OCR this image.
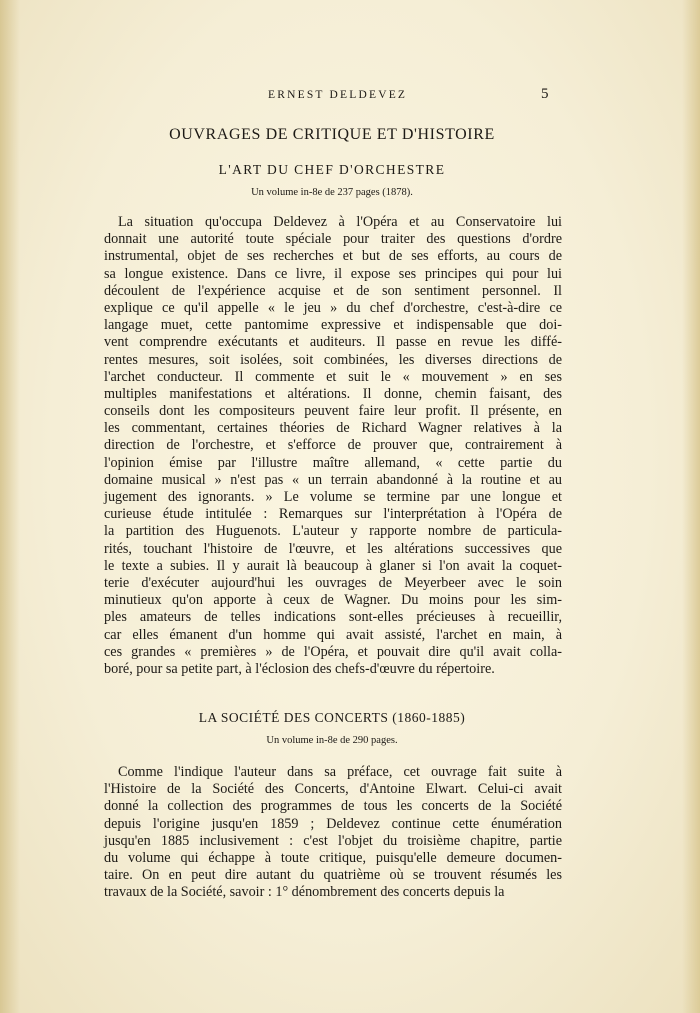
ERNEST DELDEVEZ	5
OUVRAGES DE CRITIQUE ET D'HISTOIRE
L'ART DU CHEF D'ORCHESTRE
Un volume in-8e de 237 pages (1878).
La situation qu'occupa Deldevez à l'Opéra et au Conservatoire lui
donnait une autorité toute spéciale pour traiter des questions d'ordre
instrumental, objet de ses recherches et but de ses efforts, au cours de
sa longue existence. Dans ce livre, il expose ses principes qui pour lui
découlent de l'expérience acquise et de son sentiment personnel. Il
explique ce qu'il appelle « le jeu » du chef d'orchestre, c'est-à-dire ce
langage muet, cette pantomime expressive et indispensable que doi-
vent comprendre exécutants et auditeurs. Il passe en revue les diffé-
rentes mesures, soit isolées, soit combinées, les diverses directions de
l'archet conducteur. Il commente et suit le « mouvement » en ses
multiples manifestations et altérations. Il donne, chemin faisant, des
conseils dont les compositeurs peuvent faire leur profit. Il présente, en
les commentant, certaines théories de Richard Wagner relatives à la
direction de l'orchestre, et s'efforce de prouver que, contrairement à
l'opinion émise par l'illustre maître allemand, « cette partie du
domaine musical » n'est pas « un terrain abandonné à la routine et au
jugement des ignorants. » Le volume se termine par une longue et
curieuse étude intitulée : Remarques sur l'interprétation à l'Opéra de
la partition des Huguenots. L'auteur y rapporte nombre de particula-
rités, touchant l'histoire de l'œuvre, et les altérations successives que
le texte a subies. Il y aurait là beaucoup à glaner si l'on avait la coquet-
terie d'exécuter aujourd'hui les ouvrages de Meyerbeer avec le soin
minutieux qu'on apporte à ceux de Wagner. Du moins pour les sim-
ples amateurs de telles indications sont-elles précieuses à recueillir,
car elles émanent d'un homme qui avait assisté, l'archet en main, à
ces grandes « premières » de l'Opéra, et pouvait dire qu'il avait colla-
boré, pour sa petite part, à l'éclosion des chefs-d'œuvre du répertoire.
LA SOCIÉTÉ DES CONCERTS (1860-1885)
Un volume in-8e de 290 pages.
Comme l'indique l'auteur dans sa préface, cet ouvrage fait suite à
l'Histoire de la Société des Concerts, d'Antoine Elwart. Celui-ci avait
donné la collection des programmes de tous les concerts de la Société
depuis l'origine jusqu'en 1859 ; Deldevez continue cette énumération
jusqu'en 1885 inclusivement : c'est l'objet du troisième chapitre, partie
du volume qui échappe à toute critique, puisqu'elle demeure documen-
taire. On en peut dire autant du quatrième où se trouvent résumés les
travaux de la Société, savoir : 1° dénombrement des concerts depuis la
